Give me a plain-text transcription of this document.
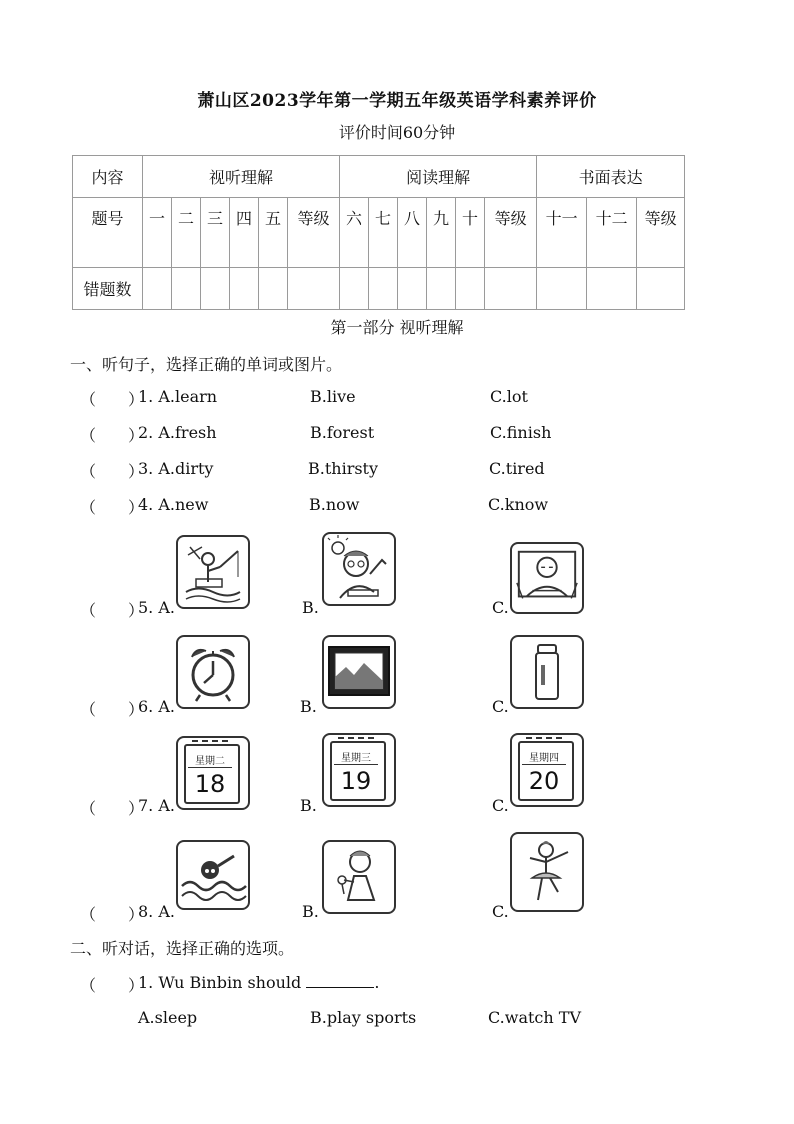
萧山区2023学年第一学期五年级英语学科素养评价
评价时间60分钟
内容	视听理解						阅读理解						书面表达		
题号	一	二	三	四	五	等级	六	七	八	九	十	等级	十一	十二	等级
错题数															
第一部分 视听理解
一、听句子，选择正确的单词或图片。
（　　）
1. A.learn	B.live	C.lot
（　　）
2. A.fresh	B.forest	C.finish
（　　）
3. A.dirty	B.thirsty	C.tired
（　　）
4. A.new	B.now	C.know
（　　）
5. A.	B.	C.
（　　）
6. A.	B.	C.
（　　）
7. A.
星期二
18
B.
星期三
19
C.
星期四
20
（　　）
8. A.	B.	C.
二、听对话，选择正确的选项。
（　　）
1. Wu Binbin should	.
A.sleep	B.play sports	C.watch TV
